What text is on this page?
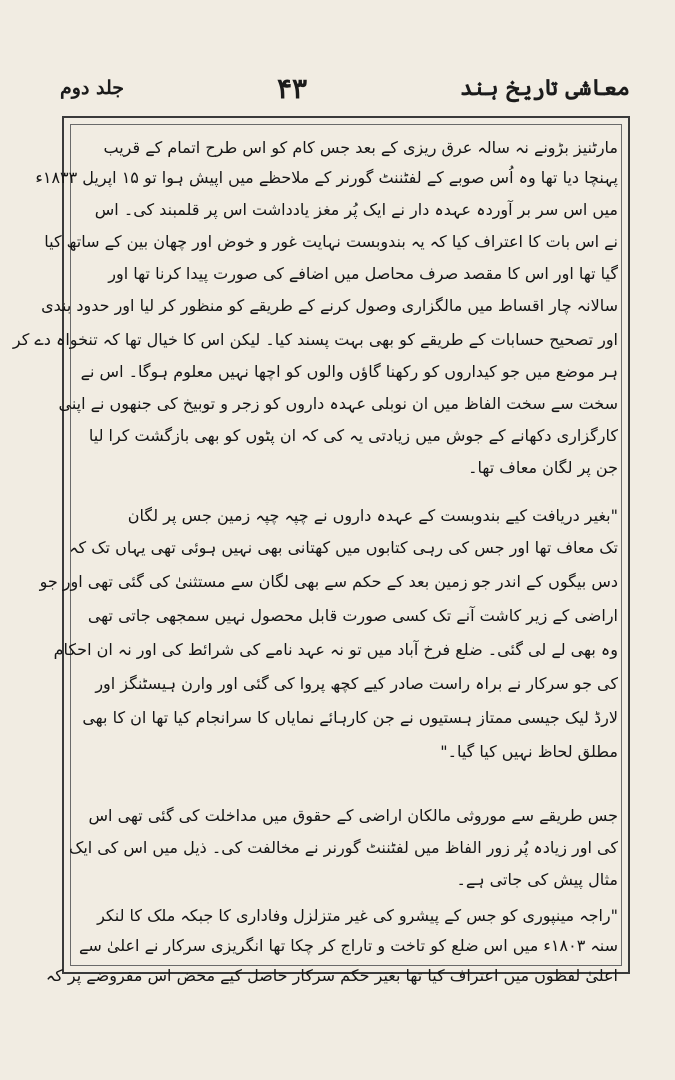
معاشی تاریخ ہند
۴۳
جلد دوم
مارٹنیز بڑونے نہ سالہ عرق ریزی کے بعد جس کام کو اس طرح اتمام کے قریب
پہنچا دیا تھا وہ اُس صوبے کے لفٹننٹ گورنر کے ملاحظے میں اپیش ہوا تو ۱۵ اپریل ۱۸۳۳ء
میں اس سر بر آوردہ عہدہ دار نے ایک پُر مغز یادداشت اس پر قلمبند کی۔ اس
نے اس بات کا اعتراف کیا کہ یہ بندوبست نہایت غور و خوض اور چھان بین کے ساتھ کیا
گیا تھا اور اس کا مقصد صرف محاصل میں اضافے کی صورت پیدا کرنا تھا اور
سالانہ چار اقساط میں مالگزاری وصول کرنے کے طریقے کو منظور کر لیا اور حدود بندی
اور تصحیح حسابات کے طریقے کو بھی بہت پسند کیا۔ لیکن اس کا خیال تھا کہ تنخواہ دے کر
ہر موضع میں جو کیداروں کو رکھنا گاؤں والوں کو اچھا نہیں معلوم ہوگا۔ اس نے
سخت سے سخت الفاظ میں ان نوبلی عہدہ داروں کو زجر و توبیخ کی جنھوں نے اپنی
کارگزاری دکھانے کے جوش میں زیادتی یہ کی کہ ان پٹوں کو بھی بازگشت کرا لیا
جن پر لگان معاف تھا۔
"بغیر دریافت کیے بندوبست کے عہدہ داروں نے چپہ چپہ زمین جس پر لگان
تک معاف تھا اور جس کی رہی کتابوں میں کھتانی بھی نہیں ہوئی تھی یہاں تک کہ
دس بیگوں کے اندر جو زمین بعد کے حکم سے بھی لگان سے مستثنیٰ کی گئی تھی اور جو
اراضی کے زیر کاشت آنے تک کسی صورت قابل محصول نہیں سمجھی جاتی تھی
وہ بھی لے لی گئی۔ ضلع فرخ آباد میں تو نہ عہد نامے کی شرائط کی اور نہ ان احکام
کی جو سرکار نے براہ راست صادر کیے کچھ پروا کی گئی اور وارن ہیسٹنگز اور
لارڈ لیک جیسی ممتاز ہستیوں نے جن کارہائے نمایاں کا سرانجام کیا تھا ان کا بھی
مطلق لحاظ نہیں کیا گیا۔"
جس طریقے سے موروثی مالکان اراضی کے حقوق میں مداخلت کی گئی تھی اس
کی اور زیادہ پُر زور الفاظ میں لفٹننٹ گورنر نے مخالفت کی۔ ذیل میں اس کی ایک
مثال پیش کی جاتی ہے۔
"راجہ مینپوری کو جس کے پیشرو کی غیر متزلزل وفاداری کا جبکہ ملک کا لنکر
سنہ ۱۸۰۳ء میں اس ضلع کو تاخت و تاراج کر چکا تھا انگریزی سرکار نے اعلیٰ سے
اعلیٰ لفظوں میں اعتراف کیا تھا بغیر حکم سرکار حاصل کیے محض اس مفروضے پر کہ
